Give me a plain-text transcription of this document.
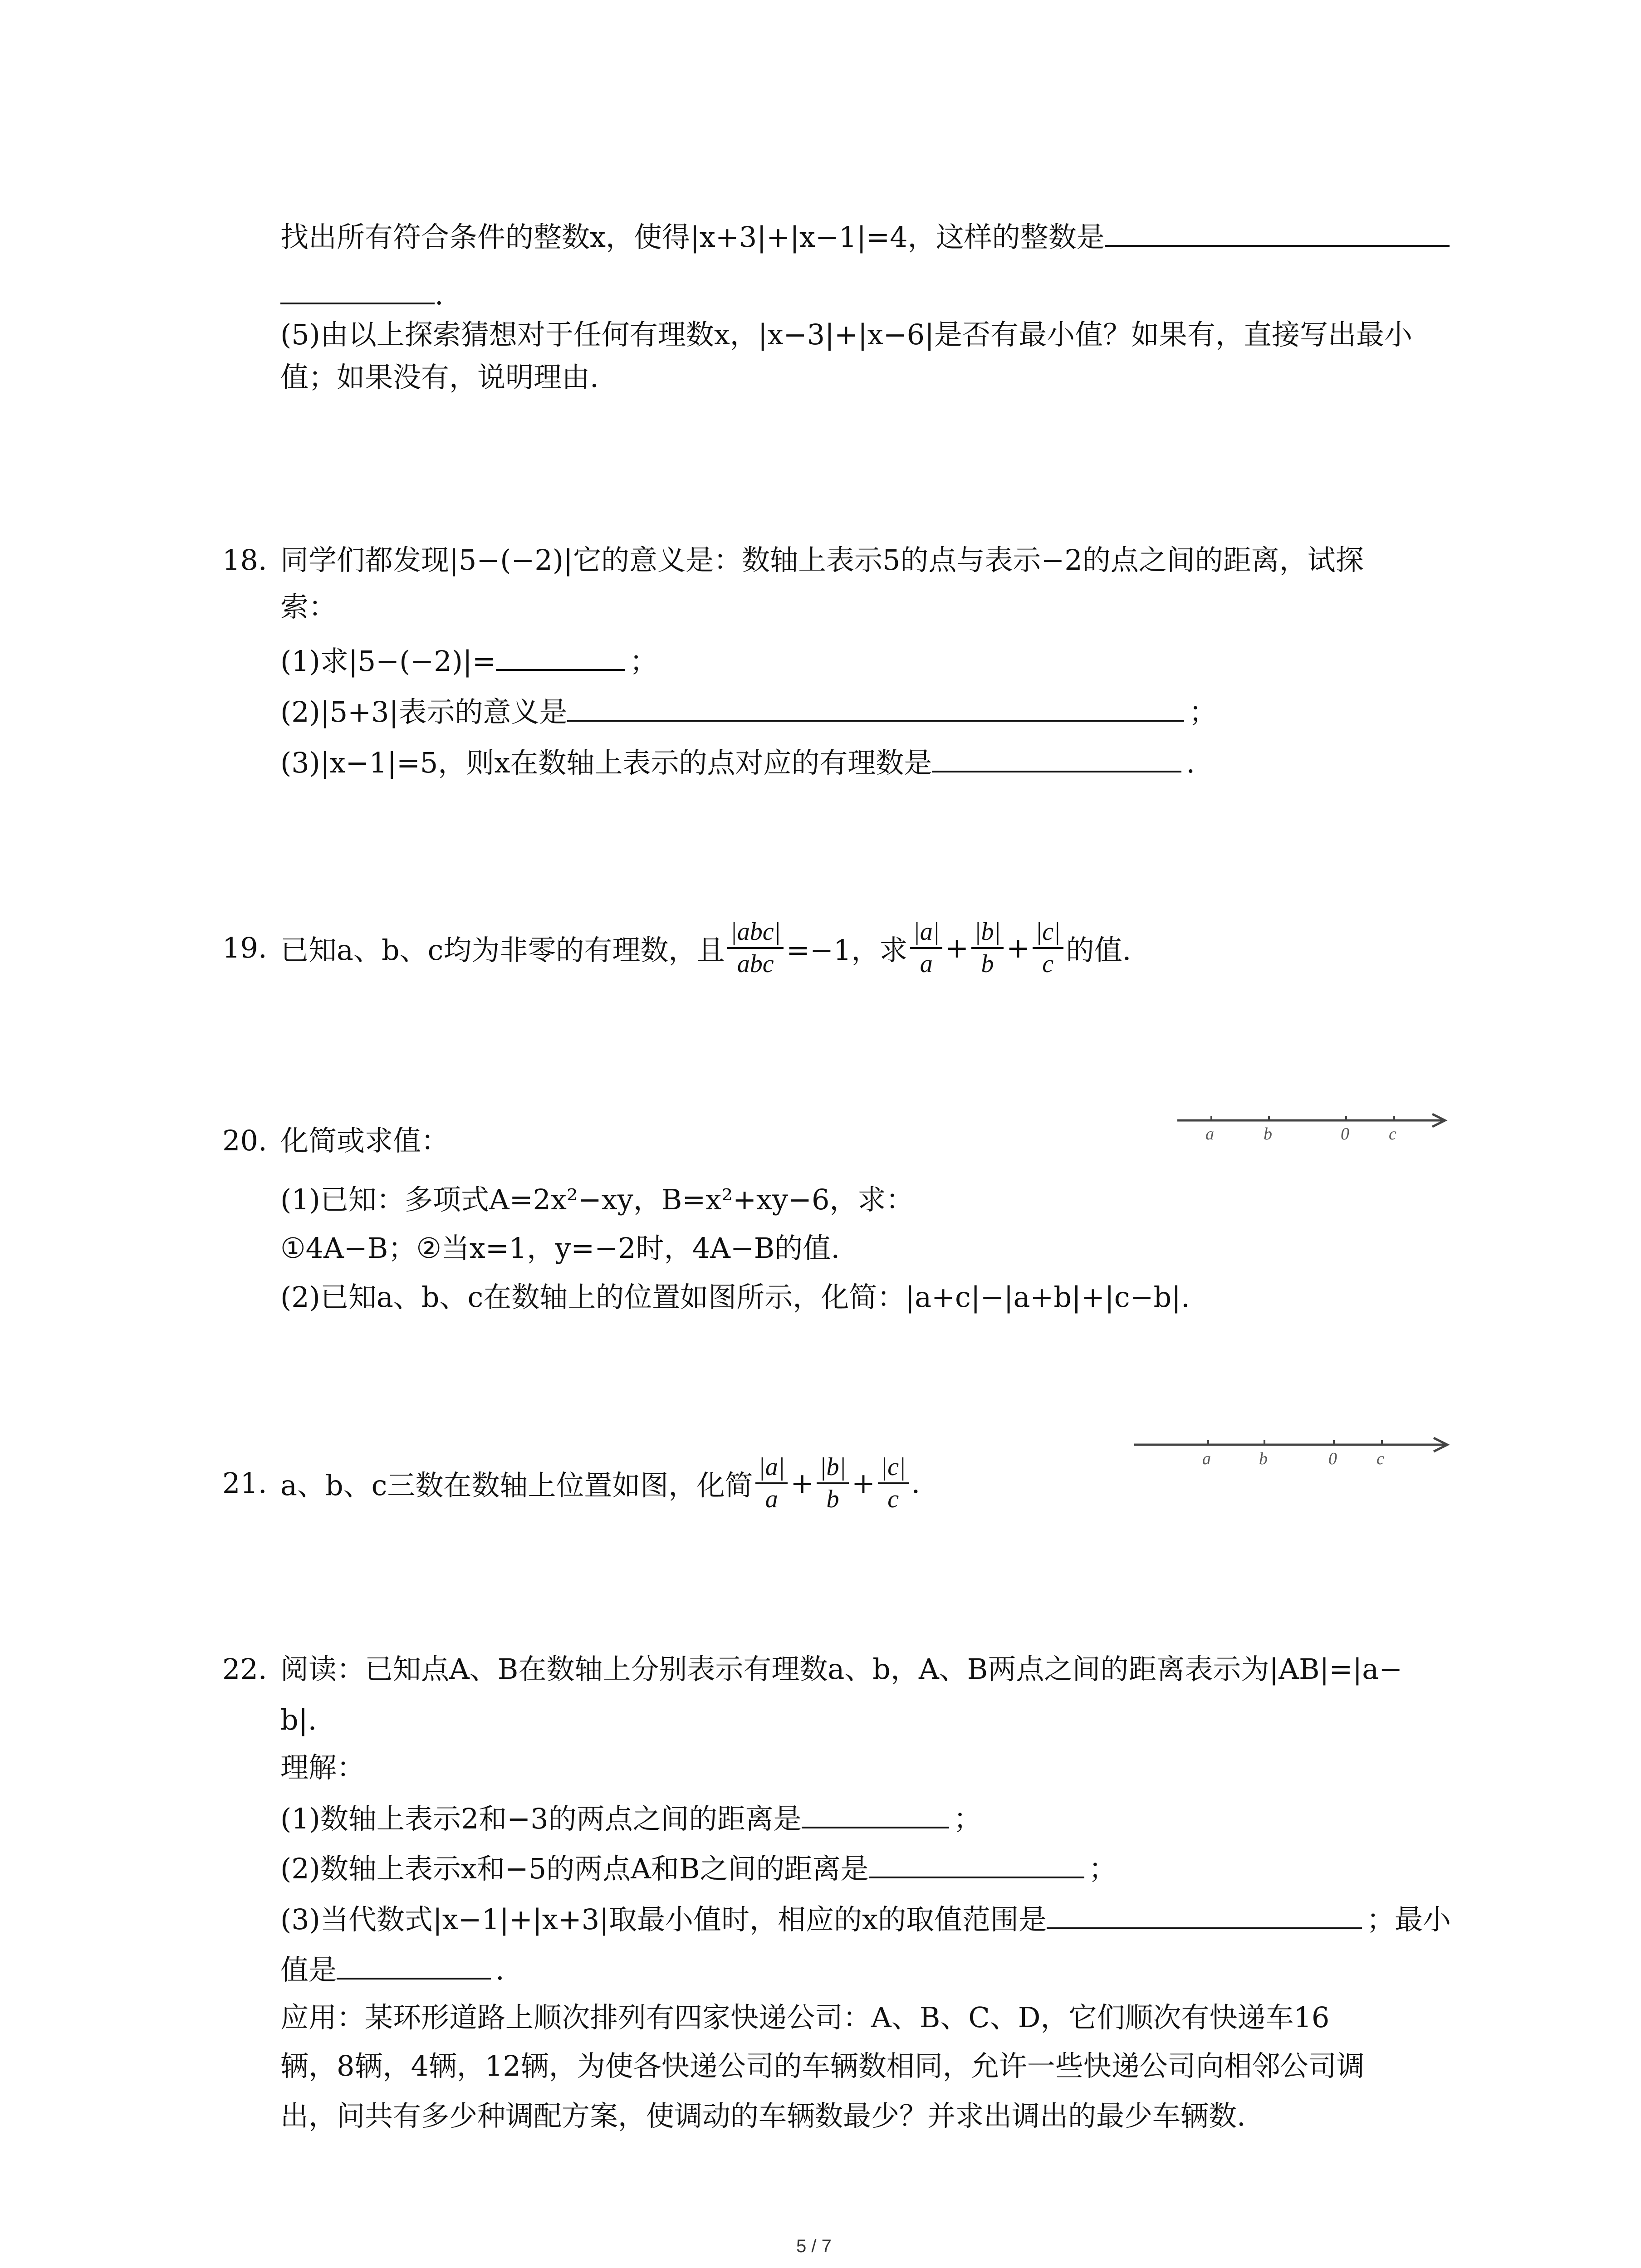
找出所有符合条件的整数x，使得|x+3|+|x−1|=4，这样的整数是
.
(5)由以上探索猜想对于任何有理数x，|x−3|+|x−6|是否有最小值？如果有，直接写出最小
值；如果没有，说明理由.
18. 同学们都发现|5−(−2)|它的意义是：数轴上表示5的点与表示−2的点之间的距离，试探
索：
(1)求|5−(−2)|=	；
(2)|5+3|表示的意义是	；
(3)|x−1|=5，则x在数轴上表示的点对应的有理数是	.
19. 已知a、b、c均为非零的有理数，且 $\frac{\text{|abc|}}{\text{abc}} =-1$，求 $\frac{|a|}{a} + \frac{|b|}{b} + \frac{|c|}{c}$ 的值.
20. 化简或求值：	a	b	0 c
(1)已知：多项式A=2x²−xy，B=x²+xy−6，求：
①4A−B；②当x=1，y=−2时，4A−B的值.
(2)已知a、b、c在数轴上的位置如图所示，化简：|a+c|−|a+b|+|c−b|.
21. a、b、c三数在数轴上位置如图，化简 $\frac{|a|}{a} + \frac{|b|}{b} + \frac{|c|}{c}$ .
a	b	0 c
22. 阅读：已知点A、B在数轴上分别表示有理数a、b，A、B两点之间的距离表示为|AB|=|a−
b|.
理解：
(1)数轴上表示2和−3的两点之间的距离是	；
(2)数轴上表示x和−5的两点A和B之间的距离是	；
(3)当代数式|x−1|+|x+3|取最小值时，相应的x的取值范围是	；最小
值是	.
应用：某环形道路上顺次排列有四家快递公司：A、B、C、D，它们顺次有快递车16
辆，8辆，4辆，12辆，为使各快递公司的车辆数相同，允许一些快递公司向相邻公司调
出，问共有多少种调配方案，使调动的车辆数最少？并求出调出的最少车辆数.
5 / 7
